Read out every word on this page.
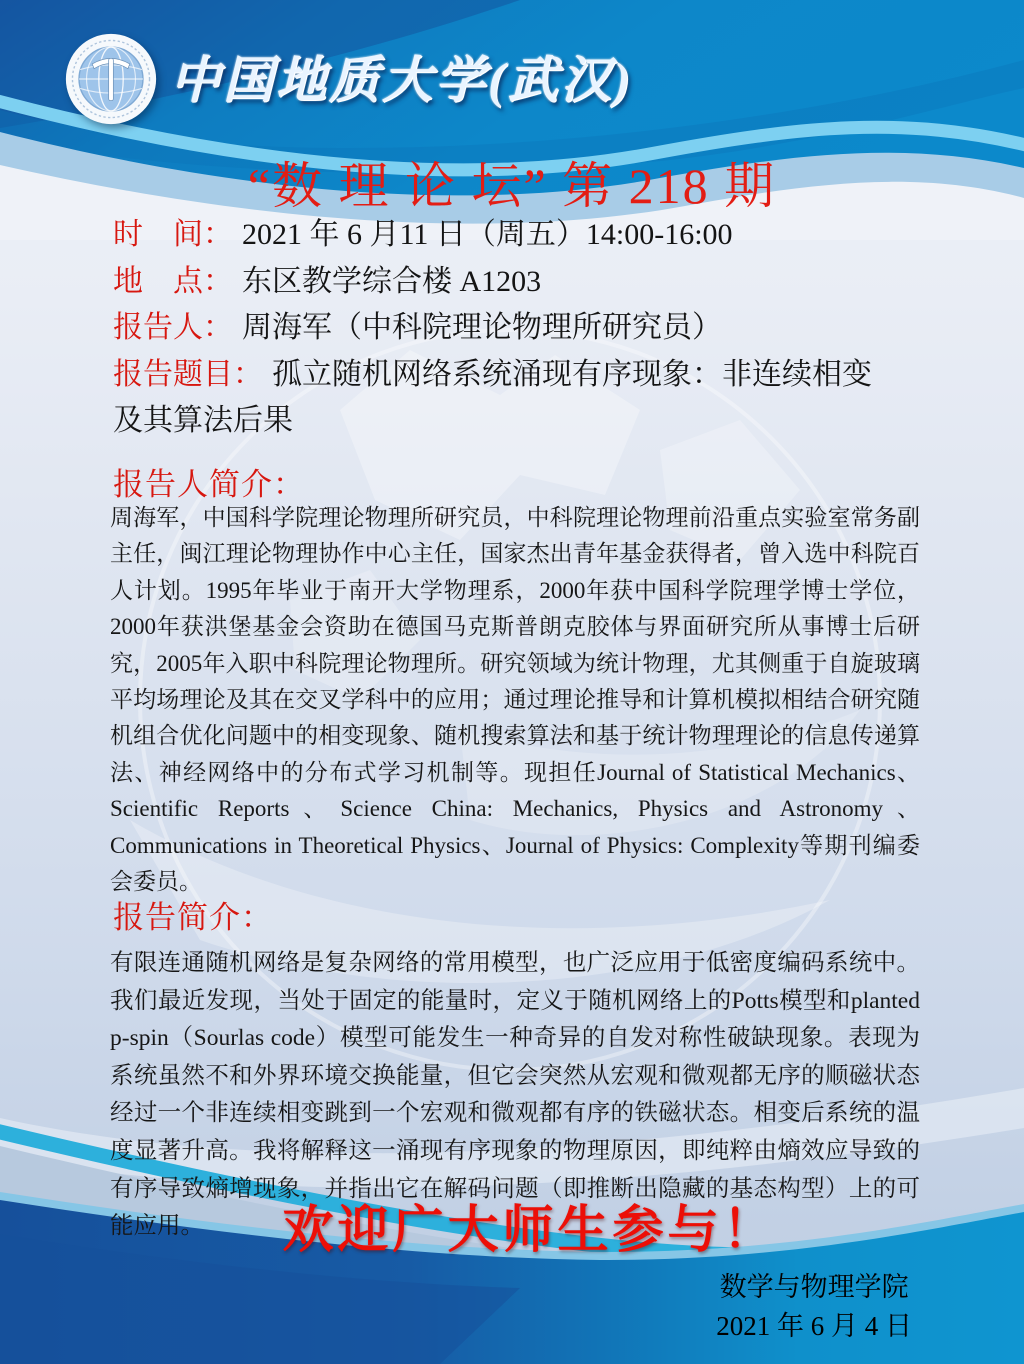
中国地质大学(武汉)
“数 理 论 坛” 第 218 期

时　间： 2021 年 6 月11 日（周五）14:00-16:00

地　点： 东区教学综合楼 A1203

报告人： 周海军（中科院理论物理所研究员）

报告题目： 孤立随机网络系统涌现有序现象：非连续相变及其算法后果

报告人简介：

周海军，中国科学院理论物理所研究员，中科院理论物理前沿重点实验室常务副主任，闽江理论物理协作中心主任，国家杰出青年基金获得者，曾入选中科院百人计划。1995年毕业于南开大学物理系，2000年获中国科学院理学博士学位，2000年获洪堡基金会资助在德国马克斯普朗克胶体与界面研究所从事博士后研究，2005年入职中科院理论物理所。研究领域为统计物理，尤其侧重于自旋玻璃平均场理论及其在交叉学科中的应用；通过理论推导和计算机模拟相结合研究随机组合优化问题中的相变现象、随机搜索算法和基于统计物理理论的信息传递算法、神经网络中的分布式学习机制等。现担任Journal of Statistical Mechanics、Scientific Reports、Science China: Mechanics, Physics and Astronomy、Communications in Theoretical Physics、Journal of Physics: Complexity等期刊编委会委员。

报告简介：

有限连通随机网络是复杂网络的常用模型，也广泛应用于低密度编码系统中。我们最近发现，当处于固定的能量时，定义于随机网络上的Potts模型和planted p-spin（Sourlas code）模型可能发生一种奇异的自发对称性破缺现象。表现为系统虽然不和外界环境交换能量，但它会突然从宏观和微观都无序的顺磁状态经过一个非连续相变跳到一个宏观和微观都有序的铁磁状态。相变后系统的温度显著升高。我将解释这一涌现有序现象的物理原因，即纯粹由熵效应导致的有序导致熵增现象，并指出它在解码问题（即推断出隐藏的基态构型）上的可能应用。	欢迎广大师生参与！
数学与物理学院
2021 年 6 月 4 日
